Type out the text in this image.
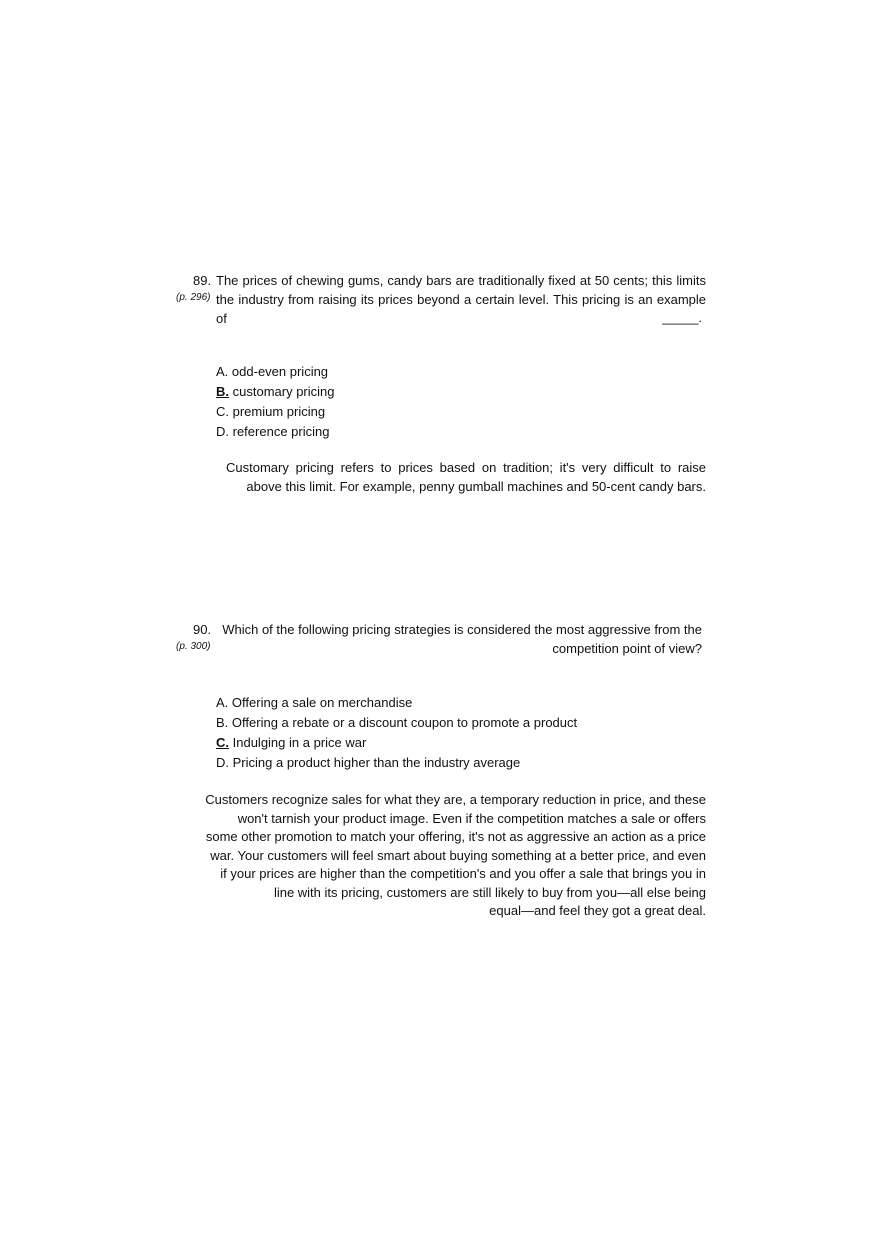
89.
(p. 296)
The prices of chewing gums, candy bars are traditionally fixed at 50 cents; this limits the industry from raising its prices beyond a certain level. This pricing is an example of	_____.
A. odd-even pricing
B. customary pricing
C. premium pricing
D. reference pricing
Customary pricing refers to prices based on tradition; it's very difficult to raise above this limit. For example, penny gumball machines and 50-cent candy bars.
90.
(p. 300)
Which of the following pricing strategies is considered the most aggressive from the
competition point of view?
A. Offering a sale on merchandise
B. Offering a rebate or a discount coupon to promote a product
C. Indulging in a price war
D. Pricing a product higher than the industry average
Customers recognize sales for what they are, a temporary reduction in price, and these
won't tarnish your product image. Even if the competition matches a sale or offers
some other promotion to match your offering, it's not as aggressive an action as a price
war. Your customers will feel smart about buying something at a better price, and even
if your prices are higher than the competition's and you offer a sale that brings you in
line with its pricing, customers are still likely to buy from you—all else being
equal—and feel they got a great deal.
